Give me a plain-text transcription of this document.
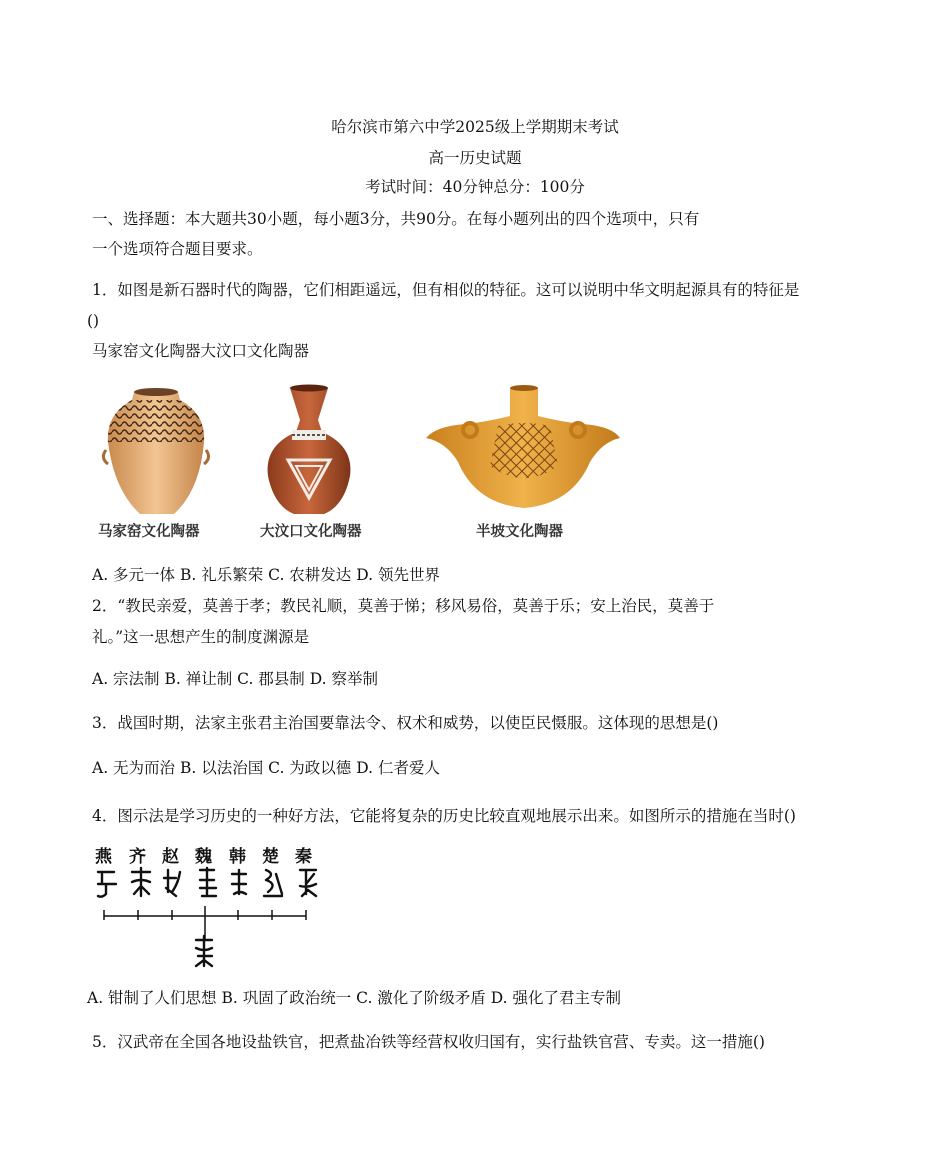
哈尔滨市第六中学2025级上学期期末考试
高一历史试题
考试时间：40分钟总分：100分
一、选择题：本大题共30小题，每小题3分，共90分。在每小题列出的四个选项中，只有
一个选项符合题目要求。
1．如图是新石器时代的陶器，它们相距遥远，但有相似的特征。这可以说明中华文明起源具有的特征是
()
马家窑文化陶器大汶口文化陶器
马家窑文化陶器	大汶口文化陶器	半坡文化陶器
A. 多元一体 B. 礼乐繁荣 C. 农耕发达 D. 领先世界
2．“教民亲爱，莫善于孝；教民礼顺，莫善于悌；移风易俗，莫善于乐；安上治民，莫善于
礼。”这一思想产生的制度渊源是
A. 宗法制 B. 禅让制 C. 郡县制 D. 察举制
3．战国时期，法家主张君主治国要靠法令、权术和威势，以使臣民慑服。这体现的思想是()
A. 无为而治 B. 以法治国 C. 为政以德 D. 仁者爱人
4．图示法是学习历史的一种好方法，它能将复杂的历史比较直观地展示出来。如图所示的措施在当时()
燕 齐 赵 魏 韩 楚 秦
A. 钳制了人们思想 B. 巩固了政治统一 C. 激化了阶级矛盾 D. 强化了君主专制
5．汉武帝在全国各地设盐铁官，把煮盐冶铁等经营权收归国有，实行盐铁官营、专卖。这一措施()
